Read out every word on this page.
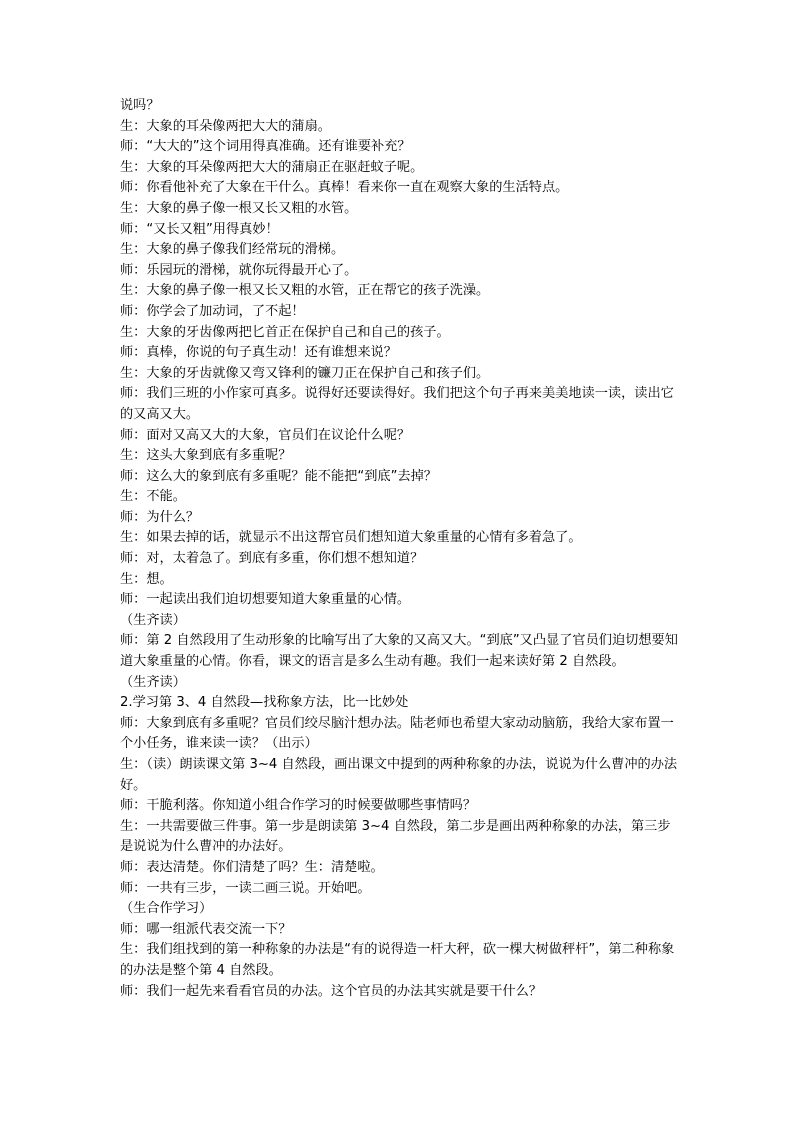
说吗？

生：大象的耳朵像两把大大的蒲扇。

师：“大大的”这个词用得真准确。还有谁要补充？

生：大象的耳朵像两把大大的蒲扇正在驱赶蚊子呢。

师：你看他补充了大象在干什么。真棒！看来你一直在观察大象的生活特点。

生：大象的鼻子像一根又长又粗的水管。

师：“又长又粗”用得真妙！

生：大象的鼻子像我们经常玩的滑梯。

师：乐园玩的滑梯，就你玩得最开心了。

生：大象的鼻子像一根又长又粗的水管，正在帮它的孩子洗澡。

师：你学会了加动词，了不起！

生：大象的牙齿像两把匕首正在保护自己和自己的孩子。

师：真棒，你说的句子真生动！还有谁想来说？

生：大象的牙齿就像又弯又锋利的镰刀正在保护自己和孩子们。

师：我们三班的小作家可真多。说得好还要读得好。我们把这个句子再来美美地读一读，读出它的又高又大。

师：面对又高又大的大象，官员们在议论什么呢？

生：这头大象到底有多重呢？

师：这么大的象到底有多重呢？能不能把“到底”去掉？

生：不能。

师：为什么？

生：如果去掉的话，就显示不出这帮官员们想知道大象重量的心情有多着急了。

师：对，太着急了。到底有多重，你们想不想知道？

生：想。

师：一起读出我们迫切想要知道大象重量的心情。

（生齐读）

师：第 2 自然段用了生动形象的比喻写出了大象的又高又大。“到底”又凸显了官员们迫切想要知道大象重量的心情。你看，课文的语言是多么生动有趣。我们一起来读好第 2 自然段。

（生齐读）

2.学习第 3、4 自然段—找称象方法，比一比妙处

师：大象到底有多重呢？官员们绞尽脑汁想办法。陆老师也希望大家动动脑筋，我给大家布置一个小任务，谁来读一读？（出示）

生：（读）朗读课文第 3~4 自然段，画出课文中提到的两种称象的办法，说说为什么曹冲的办法好。

师：干脆利落。你知道小组合作学习的时候要做哪些事情吗？

生：一共需要做三件事。第一步是朗读第 3~4 自然段，第二步是画出两种称象的办法，第三步是说说为什么曹冲的办法好。

师：表达清楚。你们清楚了吗？生：清楚啦。

师：一共有三步，一读二画三说。开始吧。

（生合作学习）

师：哪一组派代表交流一下？

生：我们组找到的第一种称象的办法是“有的说得造一杆大秤，砍一棵大树做秤杆”，第二种称象的办法是整个第 4 自然段。

师：我们一起先来看看官员的办法。这个官员的办法其实就是要干什么？
